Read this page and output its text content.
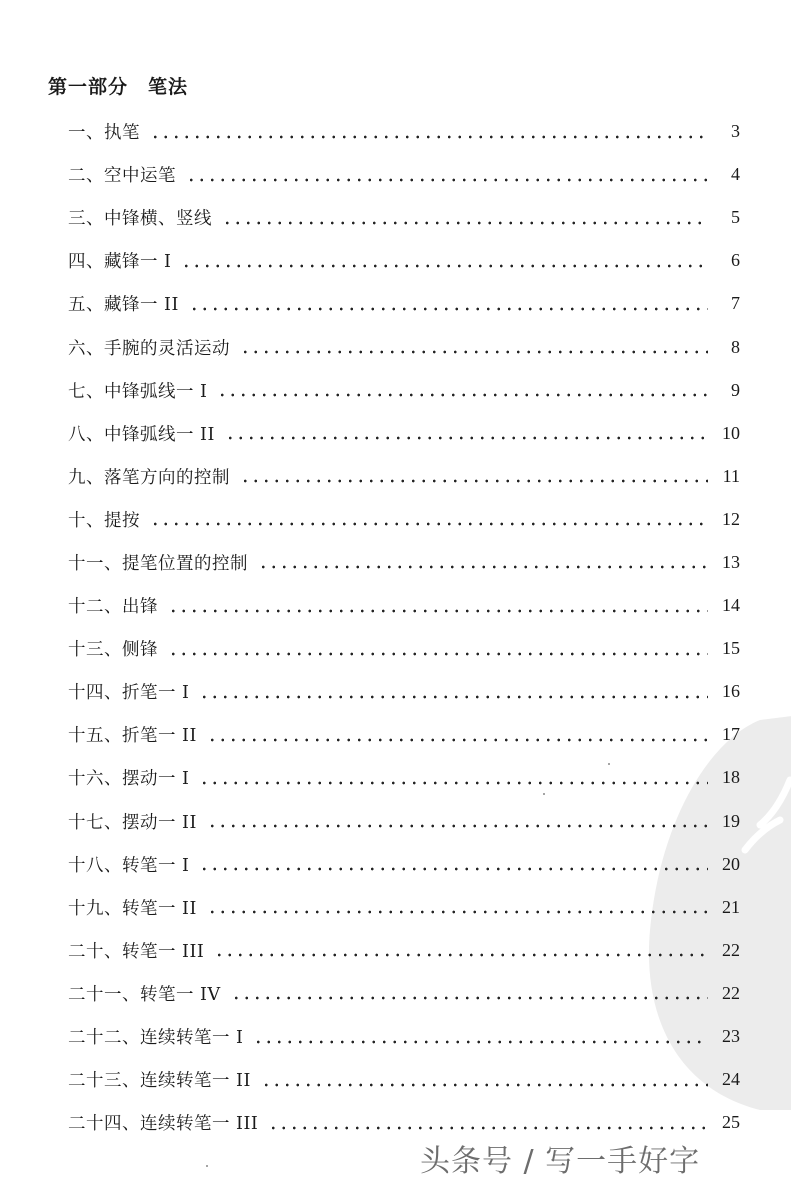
第一部分　笔法
一、执笔	3
二、空中运笔	4
三、中锋横、竖线	5
四、藏锋一 I	6
五、藏锋一 II	7
六、手腕的灵活运动	8
七、中锋弧线一 I	9
八、中锋弧线一 II	10
九、落笔方向的控制	11
十、提按	12
十一、提笔位置的控制	13
十二、出锋	14
十三、侧锋	15
十四、折笔一 I	16
十五、折笔一 II	17
十六、摆动一 I	18
十七、摆动一 II	19
十八、转笔一 I	20
十九、转笔一 II	21
二十、转笔一 III	22
二十一、转笔一 IV	22
二十二、连续转笔一 I	23
二十三、连续转笔一 II	24
二十四、连续转笔一 III	25
头条号 / 写一手好字
